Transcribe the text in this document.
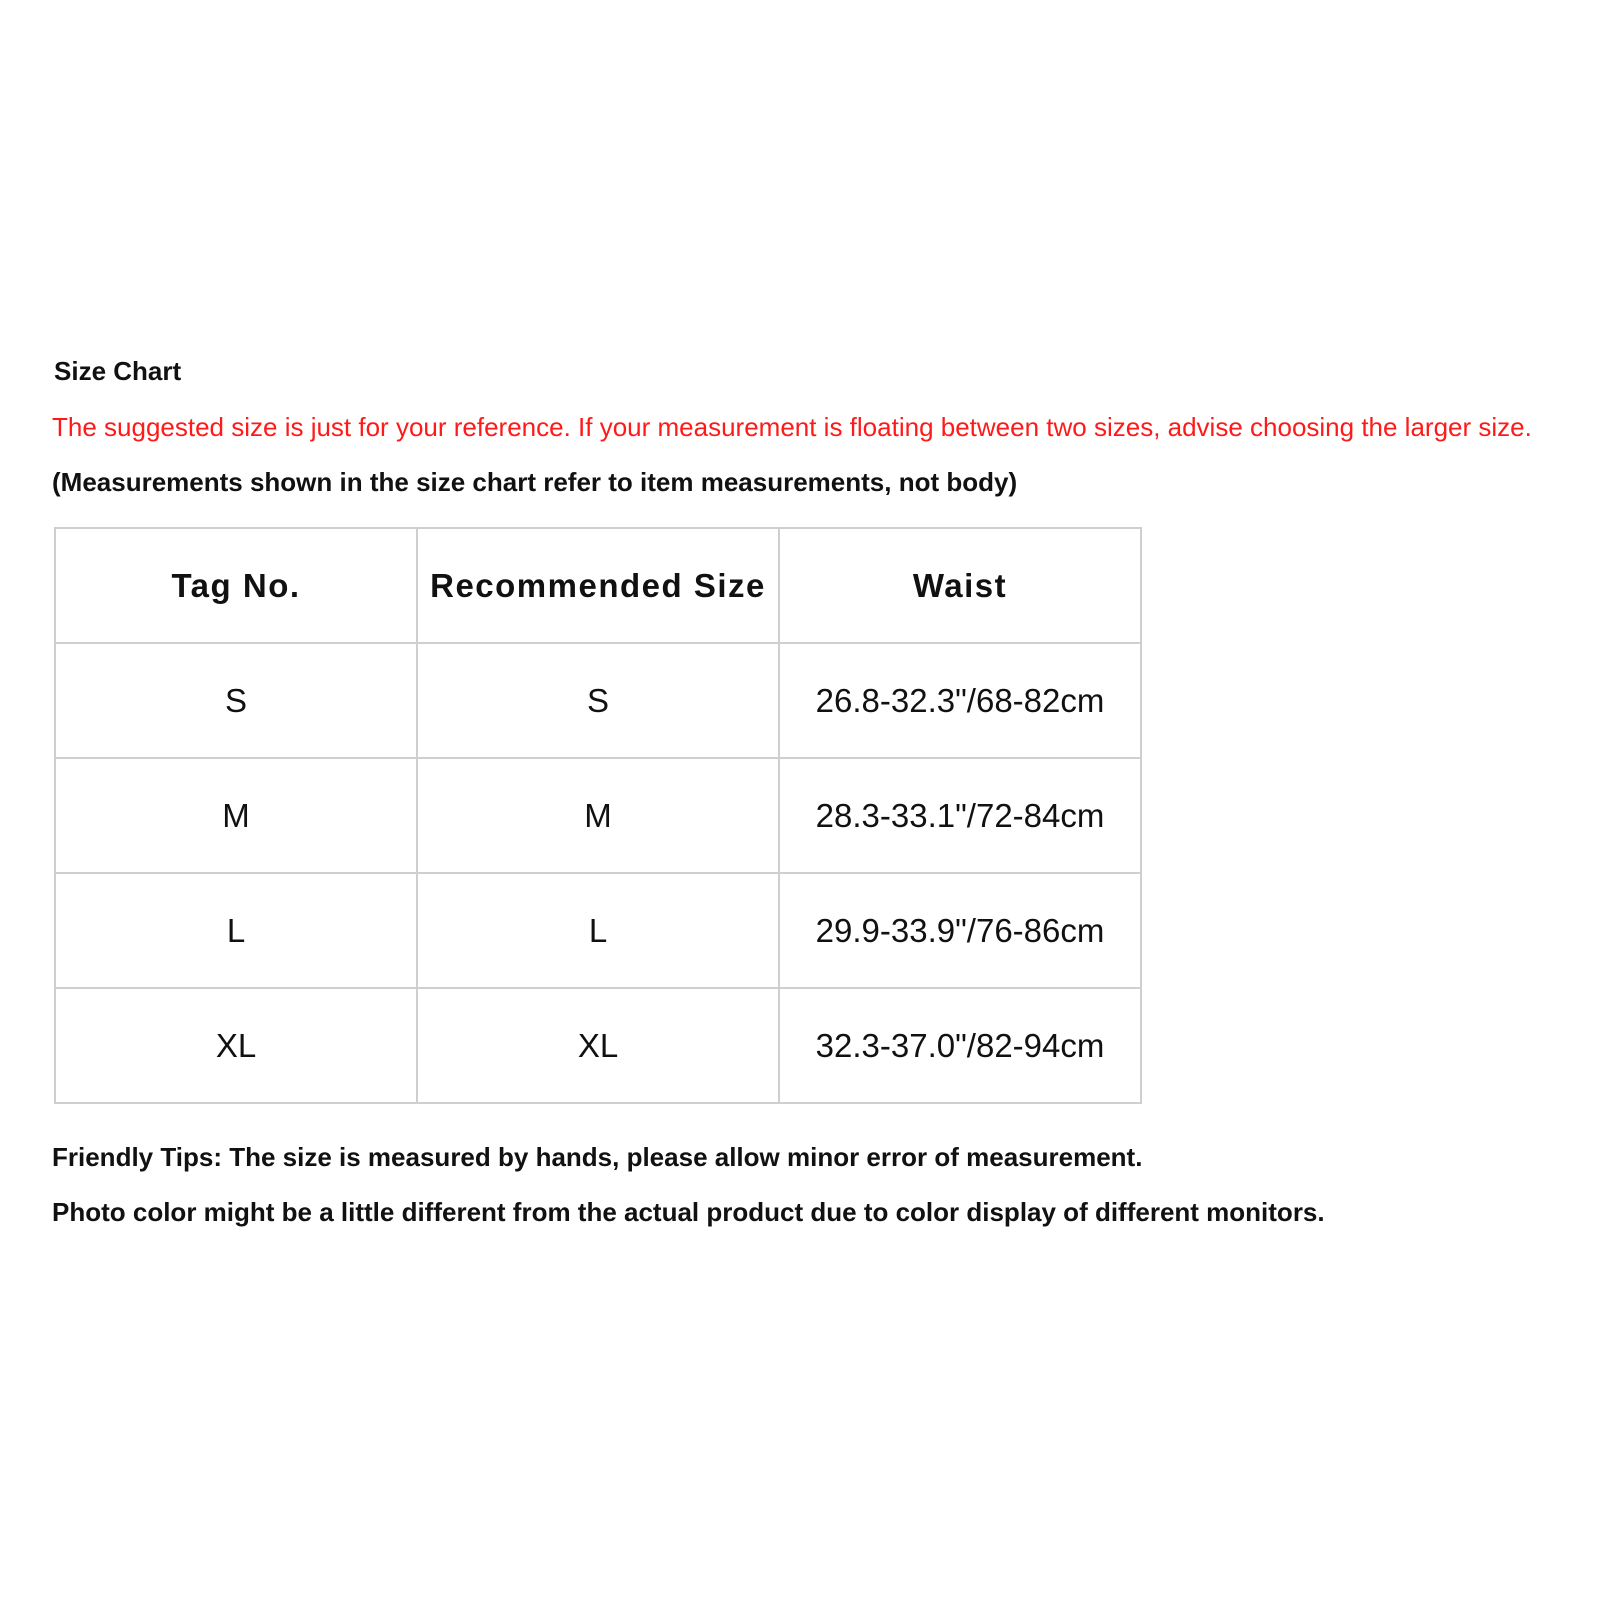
Size Chart
The suggested size is just for your reference. If your measurement is floating between two sizes, advise choosing the larger size.
(Measurements shown in the size chart refer to item measurements, not body)
Tag No.	Recommended Size	Waist
S	S	26.8-32.3"/68-82cm
M	M	28.3-33.1"/72-84cm
L	L	29.9-33.9"/76-86cm
XL	XL	32.3-37.0"/82-94cm
Friendly Tips: The size is measured by hands, please allow minor error of measurement.
Photo color might be a little different from the actual product due to color display of different monitors.
